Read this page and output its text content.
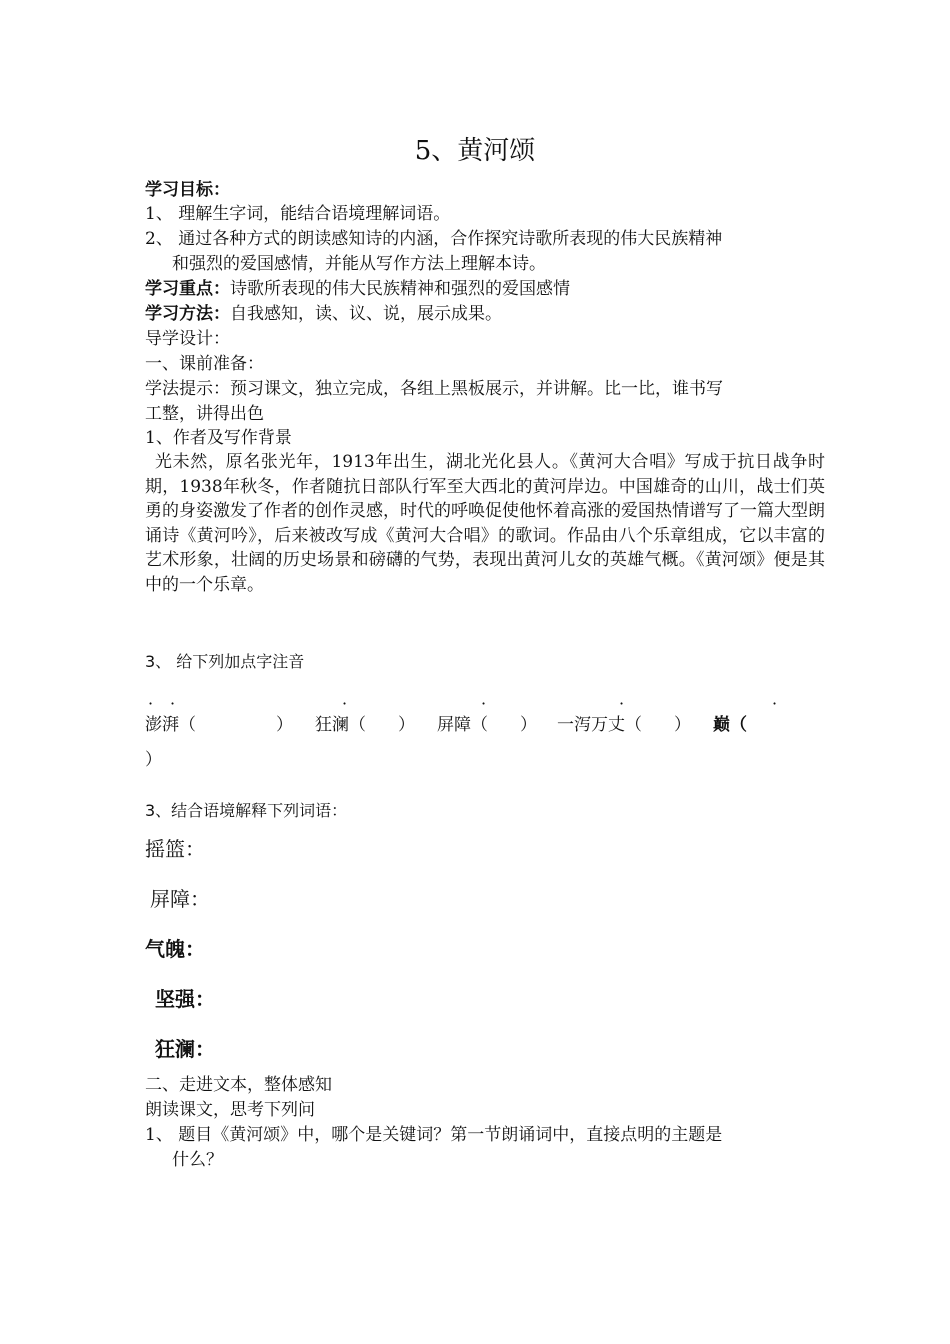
5、黄河颂
学习目标：
1、 理解生字词，能结合语境理解词语。
2、 通过各种方式的朗读感知诗的内涵，合作探究诗歌所表现的伟大民族精神
和强烈的爱国感情，并能从写作方法上理解本诗。
学习重点：诗歌所表现的伟大民族精神和强烈的爱国感情
学习方法：自我感知，读、议、说，展示成果。
导学设计：
一、课前准备：
学法提示：预习课文，独立完成，各组上黑板展示，并讲解。比一比，谁书写
工整，讲得出色
1、作者及写作背景
光未然，原名张光年，1913年出生，湖北光化县人。《黄河大合唱》写成于抗日战争时期，1938年秋冬，作者随抗日部队行军至大西北的黄河岸边。中国雄奇的山川，战士们英勇的身姿激发了作者的创作灵感，时代的呼唤促使他怀着高涨的爱国热情谱写了一篇大型朗诵诗《黄河吟》，后来被改写成《黄河大合唱》的歌词。作品由八个乐章组成，它以丰富的艺术形象，壮阔的历史场景和磅礴的气势，表现出黄河儿女的英雄气概。《黄河颂》便是其中的一个乐章。
3、 给下列加点字注音
· ·	·	·	·	·
澎湃（	） 狂澜（ ） 屏障（ ） 一泻万丈（ ） 巅（
）
3、结合语境解释下列词语：
摇篮：
屏障：
气魄：
坚强：
狂澜：
二、走进文本，整体感知
朗读课文，思考下列问
1、 题目《黄河颂》中，哪个是关键词？第一节朗诵词中，直接点明的主题是
什么？
